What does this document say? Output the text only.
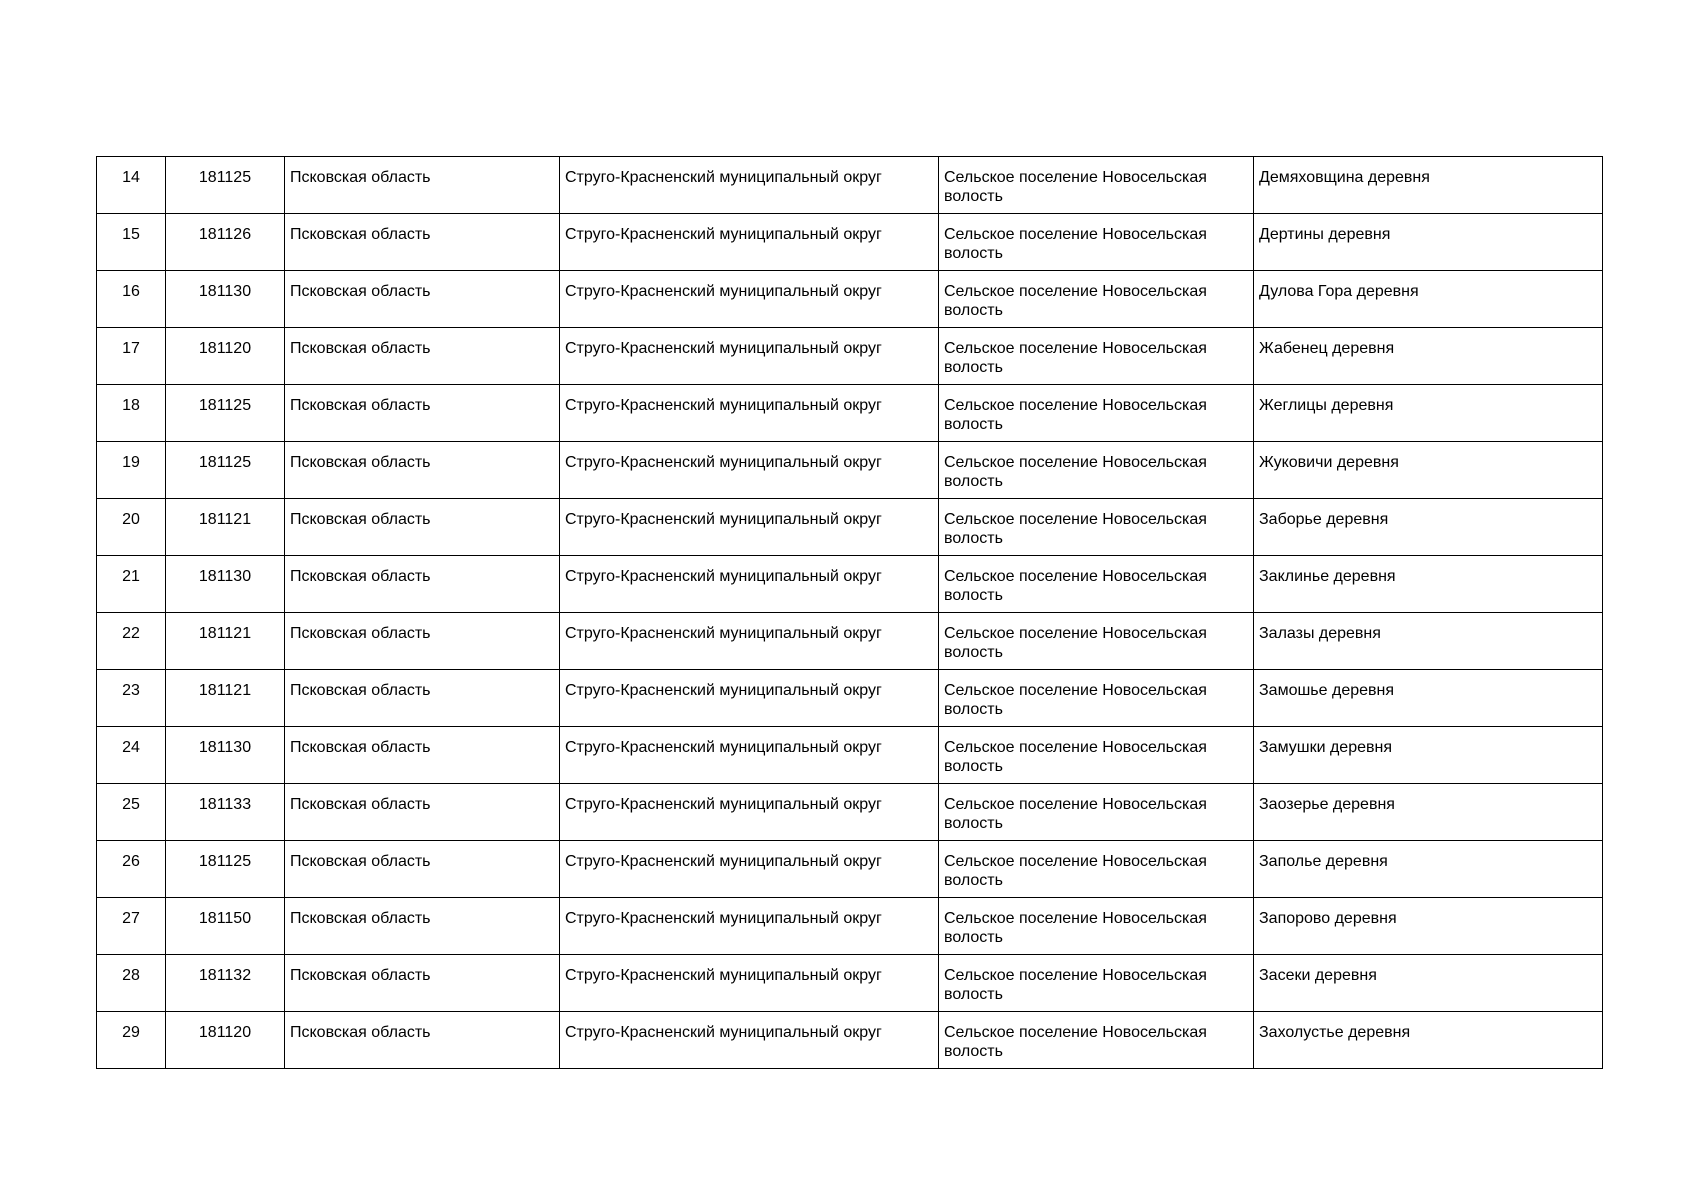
14	181125	Псковская область	Струго-Красненский муниципальный округ	Сельское поселение Новосельская волость	Демяховщина деревня
15	181126	Псковская область	Струго-Красненский муниципальный округ	Сельское поселение Новосельская волость	Дертины деревня
16	181130	Псковская область	Струго-Красненский муниципальный округ	Сельское поселение Новосельская волость	Дулова Гора деревня
17	181120	Псковская область	Струго-Красненский муниципальный округ	Сельское поселение Новосельская волость	Жабенец деревня
18	181125	Псковская область	Струго-Красненский муниципальный округ	Сельское поселение Новосельская волость	Жеглицы деревня
19	181125	Псковская область	Струго-Красненский муниципальный округ	Сельское поселение Новосельская волость	Жуковичи деревня
20	181121	Псковская область	Струго-Красненский муниципальный округ	Сельское поселение Новосельская волость	Заборье деревня
21	181130	Псковская область	Струго-Красненский муниципальный округ	Сельское поселение Новосельская волость	Заклинье деревня
22	181121	Псковская область	Струго-Красненский муниципальный округ	Сельское поселение Новосельская волость	Залазы деревня
23	181121	Псковская область	Струго-Красненский муниципальный округ	Сельское поселение Новосельская волость	Замошье деревня
24	181130	Псковская область	Струго-Красненский муниципальный округ	Сельское поселение Новосельская волость	Замушки деревня
25	181133	Псковская область	Струго-Красненский муниципальный округ	Сельское поселение Новосельская волость	Заозерье деревня
26	181125	Псковская область	Струго-Красненский муниципальный округ	Сельское поселение Новосельская волость	Заполье деревня
27	181150	Псковская область	Струго-Красненский муниципальный округ	Сельское поселение Новосельская волость	Запорово деревня
28	181132	Псковская область	Струго-Красненский муниципальный округ	Сельское поселение Новосельская волость	Засеки деревня
29	181120	Псковская область	Струго-Красненский муниципальный округ	Сельское поселение Новосельская волость	Захолустье деревня
